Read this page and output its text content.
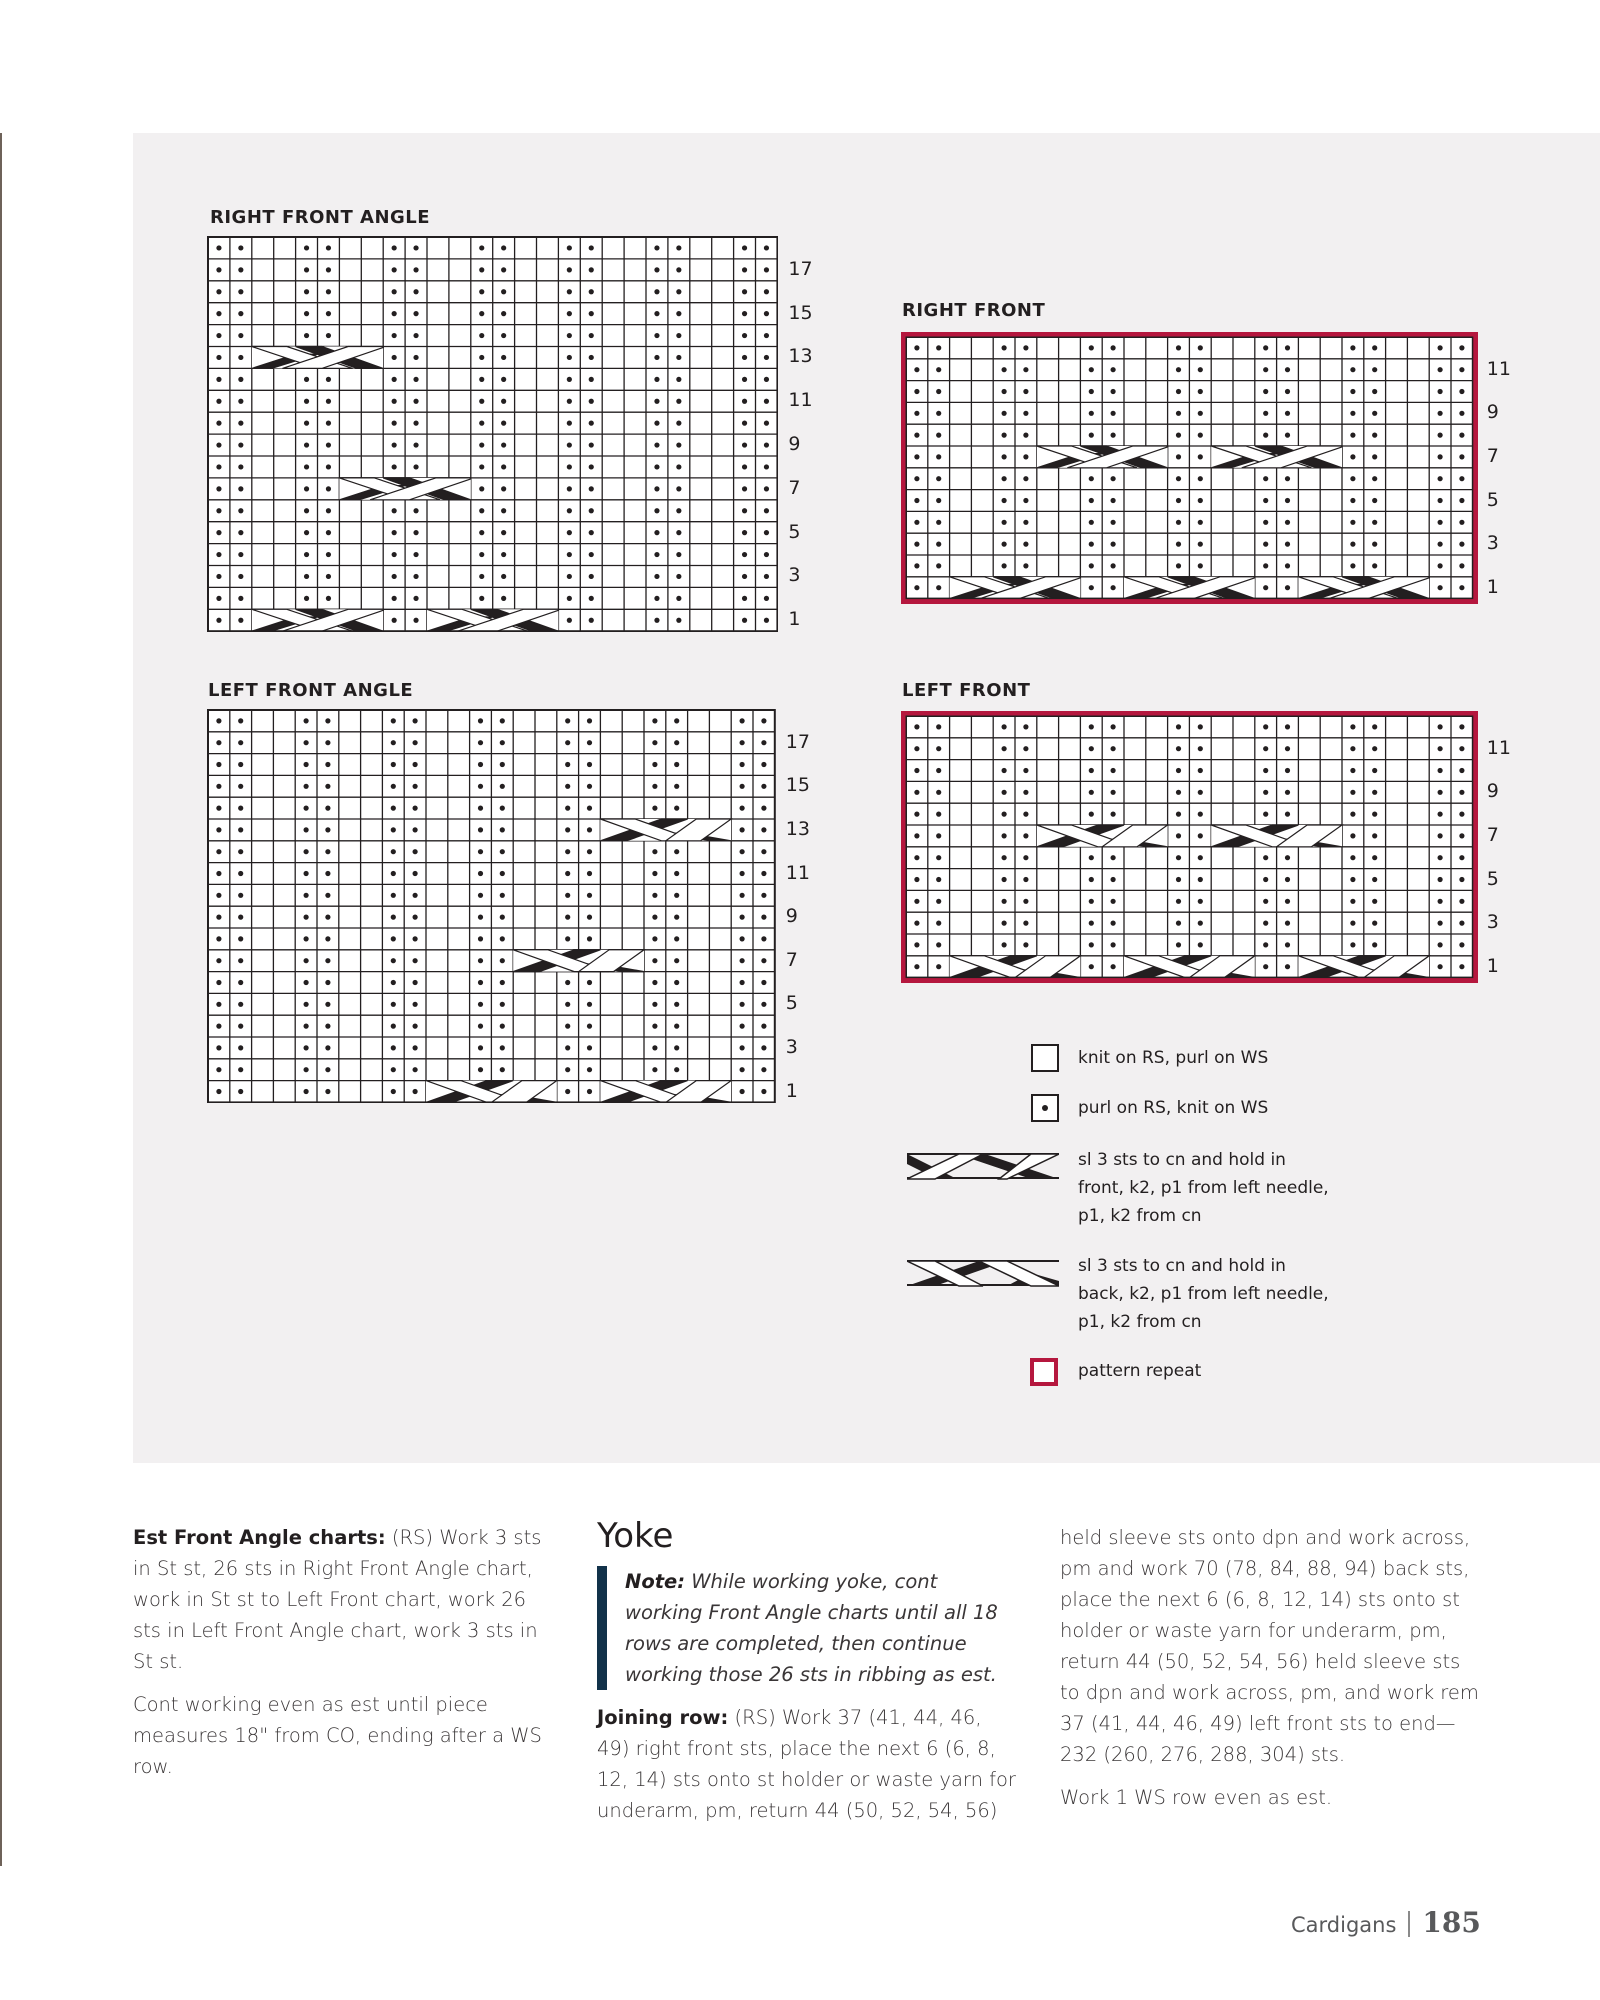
RIGHT FRONT ANGLE
LEFT FRONT ANGLE
RIGHT FRONT
LEFT FRONT
knit on RS, purl on WS
purl on RS, knit on WS
sl 3 sts to cn and hold in
front, k2, p1 from left needle,
p1, k2 from cn
sl 3 sts to cn and hold in
back, k2, p1 from left needle,
p1, k2 from cn
pattern repeat

Est Front Angle charts: (RS) Work 3 sts in St st, 26 sts in Right Front Angle chart, work in St st to Left Front chart, work 26 sts in Left Front Angle chart, work 3 sts in St st.

Cont working even as est until piece measures 18" from CO, ending after a WS row.

Yoke

Note: While working yoke, cont working Front Angle charts until all 18 rows are completed, then continue working those 26 sts in ribbing as est.

Joining row: (RS) Work 37 (41, 44, 46, 49) right front sts, place the next 6 (6, 8, 12, 14) sts onto st holder or waste yarn for underarm, pm, return 44 (50, 52, 54, 56)

held sleeve sts onto dpn and work across, pm and work 70 (78, 84, 88, 94) back sts, place the next 6 (6, 8, 12, 14) sts onto st holder or waste yarn for underarm, pm, return 44 (50, 52, 54, 56) held sleeve sts to dpn and work across, pm, and work rem 37 (41, 44, 46, 49) left front sts to end—232 (260, 276, 288, 304) sts.

Work 1 WS row even as est.

Cardigans 185
1
3
5
7
9
11
13
15
17
1
3
5
7
9
11
13
15
17
1
3
5
7
9
11
1
3
5
7
9
11
